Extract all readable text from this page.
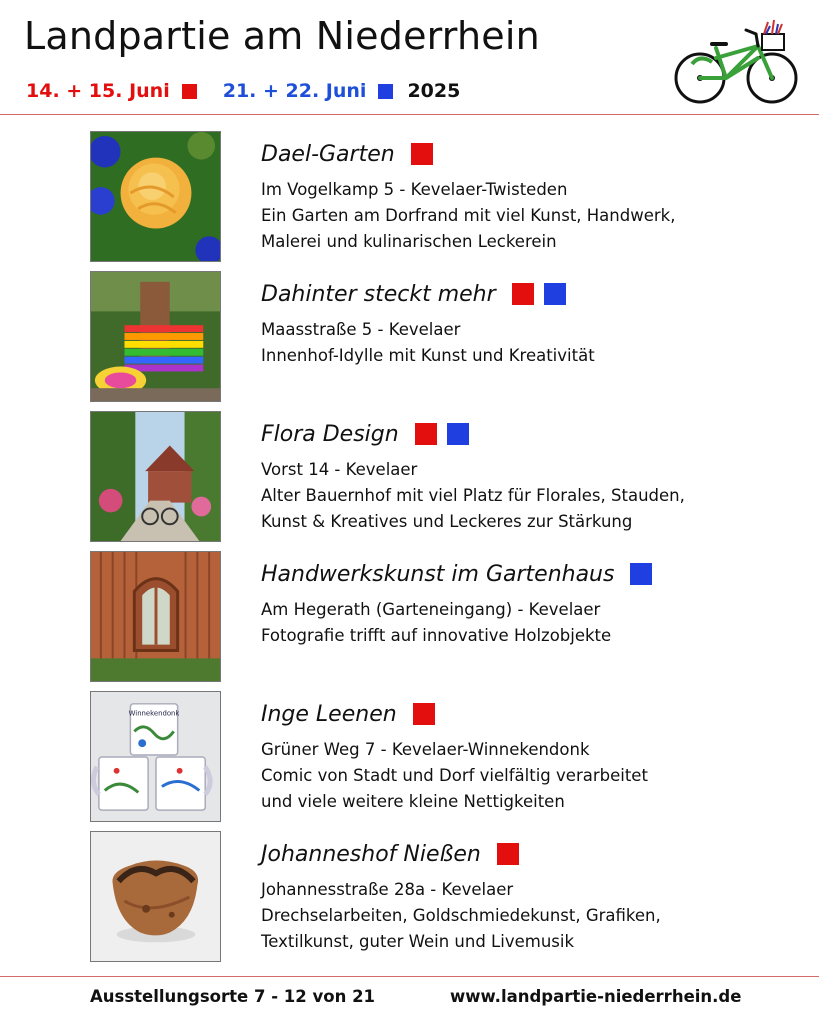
Landpartie am Niederrhein
14. + 15. Juni	21. + 22. Juni 2025
Dael-Garten
Im Vogelkamp 5 - Kevelaer-Twisteden
Ein Garten am Dorfrand mit viel Kunst, Handwerk,
Malerei und kulinarischen Leckerein
Dahinter steckt mehr
Maasstraße 5 - Kevelaer
Innenhof-Idylle mit Kunst und Kreativität
Flora Design
Vorst 14 - Kevelaer
Alter Bauernhof mit viel Platz für Florales, Stauden,
Kunst & Kreatives und Leckeres zur Stärkung
Handwerkskunst im Gartenhaus
Am Hegerath (Garteneingang) - Kevelaer
Fotografie trifft auf innovative Holzobjekte
Winnekendonk	Inge Leenen
Grüner Weg 7 - Kevelaer-Winnekendonk
Comic von Stadt und Dorf vielfältig verarbeitet
und viele weitere kleine Nettigkeiten
Johanneshof Nießen
Johannesstraße 28a - Kevelaer
Drechselarbeiten, Goldschmiedekunst, Grafiken,
Textilkunst, guter Wein und Livemusik
Ausstellungsorte 7 - 12 von 21	www.landpartie-niederrhein.de
